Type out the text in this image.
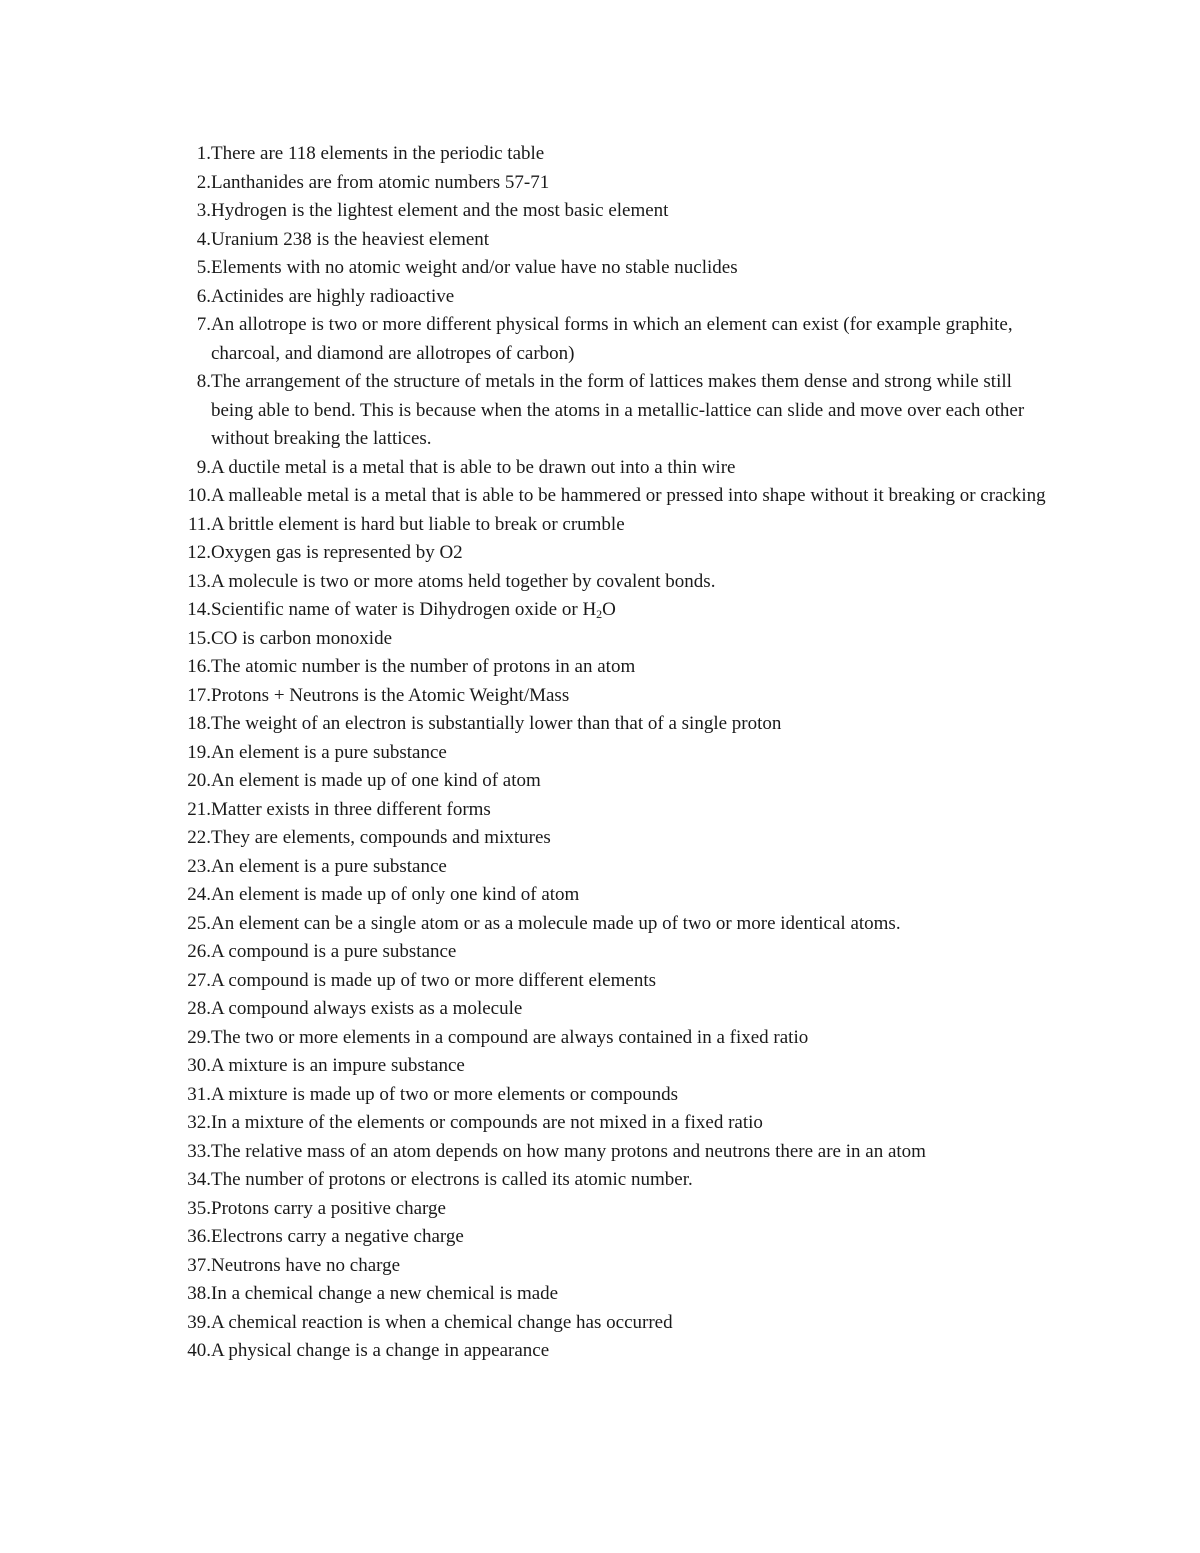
1. There are 118 elements in the periodic table
2. Lanthanides are from atomic numbers 57-71
3. Hydrogen is the lightest element and the most basic element
4. Uranium 238 is the heaviest element
5. Elements with no atomic weight and/or value have no stable nuclides
6. Actinides are highly radioactive
7. An allotrope is two or more different physical forms in which an element can exist (for example graphite, charcoal, and diamond are allotropes of carbon)
8. The arrangement of the structure of metals in the form of lattices makes them dense and strong while still being able to bend. This is because when the atoms in a metallic-lattice can slide and move over each other without breaking the lattices.
9. A ductile metal is a metal that is able to be drawn out into a thin wire
10. A malleable metal is a metal that is able to be hammered or pressed into shape without it breaking or cracking
11. A brittle element is hard but liable to break or crumble
12. Oxygen gas is represented by O2
13. A molecule is two or more atoms held together by covalent bonds.
14. Scientific name of water is Dihydrogen oxide or $H_2O$
15. CO is carbon monoxide
16. The atomic number is the number of protons in an atom
17. Protons + Neutrons is the Atomic Weight/Mass
18. The weight of an electron is substantially lower than that of a single proton
19. An element is a pure substance
20. An element is made up of one kind of atom
21. Matter exists in three different forms
22. They are elements, compounds and mixtures
23. An element is a pure substance
24. An element is made up of only one kind of atom
25. An element can be a single atom or as a molecule made up of two or more identical atoms.
26. A compound is a pure substance
27. A compound is made up of two or more different elements
28. A compound always exists as a molecule
29. The two or more elements in a compound are always contained in a fixed ratio
30. A mixture is an impure substance
31. A mixture is made up of two or more elements or compounds
32. In a mixture of the elements or compounds are not mixed in a fixed ratio
33. The relative mass of an atom depends on how many protons and neutrons there are in an atom
34. The number of protons or electrons is called its atomic number.
35. Protons carry a positive charge
36. Electrons carry a negative charge
37. Neutrons have no charge
38. In a chemical change a new chemical is made
39. A chemical reaction is when a chemical change has occurred
40. A physical change is a change in appearance
